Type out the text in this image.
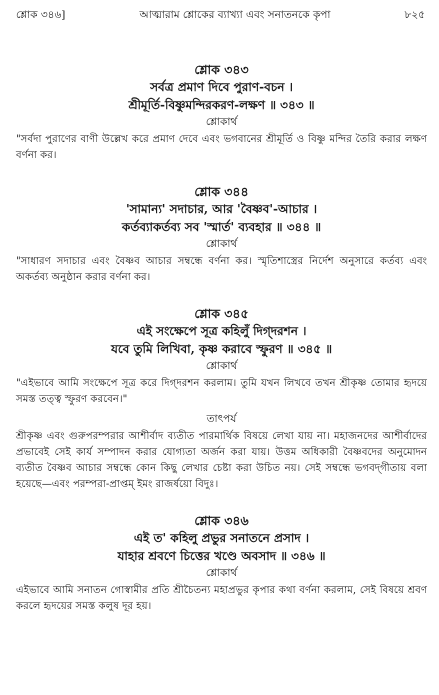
শ্লোক ৩৪৬]	আত্মারাম শ্লোকের ব্যাখ্যা এবং সনাতনকে কৃপা	৮২৫
শ্লোক ৩৪৩
সর্বত্র প্রমাণ দিবে পুরাণ-বচন ।
শ্রীমূর্তি-বিষ্ণুমন্দিরকরণ-লক্ষণ ॥ ৩৪৩ ॥
শ্লোকার্থ

"সর্বদা পুরাণের বাণী উল্লেখ করে প্রমাণ দেবে এবং ভগবানের শ্রীমূর্তি ও বিষ্ণু মন্দির তৈরি করার লক্ষণ বর্ণনা কর।

শ্লোক ৩৪৪
'সামান্য' সদাচার, আর 'বৈষ্ণব'-আচার ।
কর্তব্যাকর্তব্য সব 'স্মার্ত' ব্যবহার ॥ ৩৪৪ ॥
শ্লোকার্থ

"সাধারণ সদাচার এবং বৈষ্ণব আচার সম্বন্ধে বর্ণনা কর। স্মৃতিশাস্ত্রের নির্দেশ অনুসারে কর্তব্য এবং অকর্তব্য অনুষ্ঠান করার বর্ণনা কর।

শ্লোক ৩৪৫
এই সংক্ষেপে সূত্র কহিলুঁ দিগ্‌দরশন ।
যবে তুমি লিখিবা, কৃষ্ণ করাবে স্ফুরণ ॥ ৩৪৫ ॥
শ্লোকার্থ

"এইভাবে আমি সংক্ষেপে সূত্র করে দিগ্‌দরশন করলাম। তুমি যখন লিখবে তখন শ্রীকৃষ্ণ তোমার হৃদয়ে সমস্ত তত্ত্ব স্ফুরণ করবেন।"

তাৎপর্য

শ্রীকৃষ্ণ এবং গুরুপরম্পরার আশীর্বাদ ব্যতীত পারমার্থিক বিষয়ে লেখা যায় না। মহাজনদের আশীর্বাদের প্রভাবেই সেই কার্য সম্পাদন করার যোগ্যতা অর্জন করা যায়। উত্তম অধিকারী বৈষ্ণবদের অনুমোদন ব্যতীত বৈষ্ণব আচার সম্বন্ধে কোন কিছু লেখার চেষ্টা করা উচিত নয়। সেই সম্বন্ধে ভগবদ্‌গীতায় বলা হয়েছে—এবং পরম্পরা-প্রাপ্তম্‌ ইমং রাজর্ষয়ো বিদুঃ।

শ্লোক ৩৪৬
এই ত' কহিলু প্রভুর সনাতনে প্রসাদ ।
যাহার শ্রবণে চিত্তের খণ্ডে অবসাদ ॥ ৩৪৬ ॥
শ্লোকার্থ

এইভাবে আমি সনাতন গোস্বামীর প্রতি শ্রীচৈতন্য মহাপ্রভুর কৃপার কথা বর্ণনা করলাম, সেই বিষয়ে শ্রবণ করলে হৃদয়ের সমস্ত কলুষ দূর হয়।
